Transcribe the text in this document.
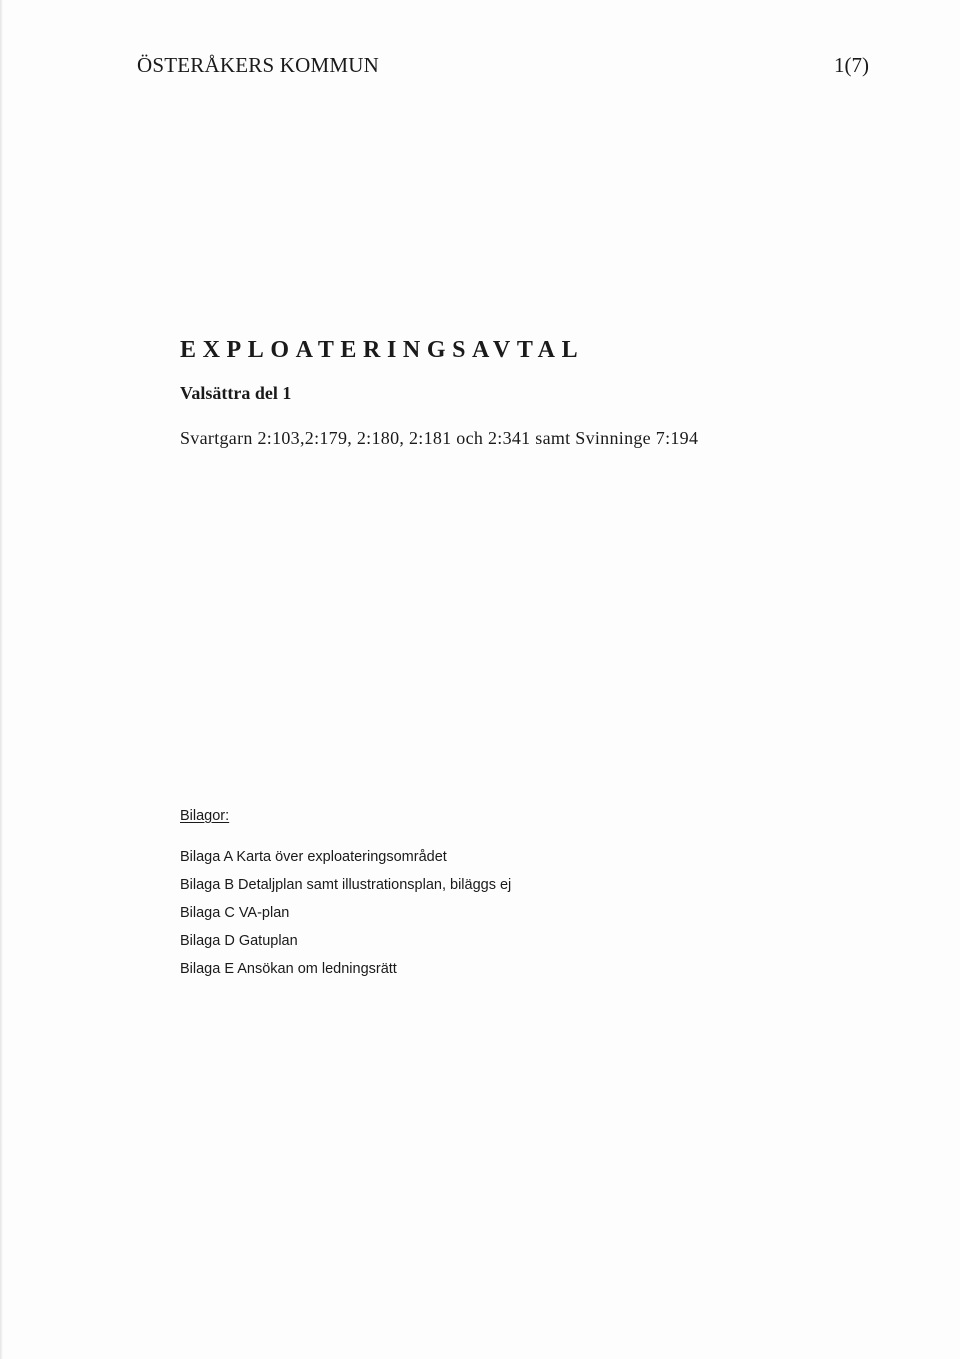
ÖSTERÅKERS KOMMUN	1(7)
EXPLOATERINGSAVTAL
Valsättra del 1
Svartgarn 2:103,2:179, 2:180, 2:181 och 2:341 samt Svinninge 7:194
Bilagor:
Bilaga A Karta över exploateringsområdet
Bilaga B Detaljplan samt illustrationsplan, biläggs ej
Bilaga C VA-plan
Bilaga D Gatuplan
Bilaga E Ansökan om ledningsrätt
